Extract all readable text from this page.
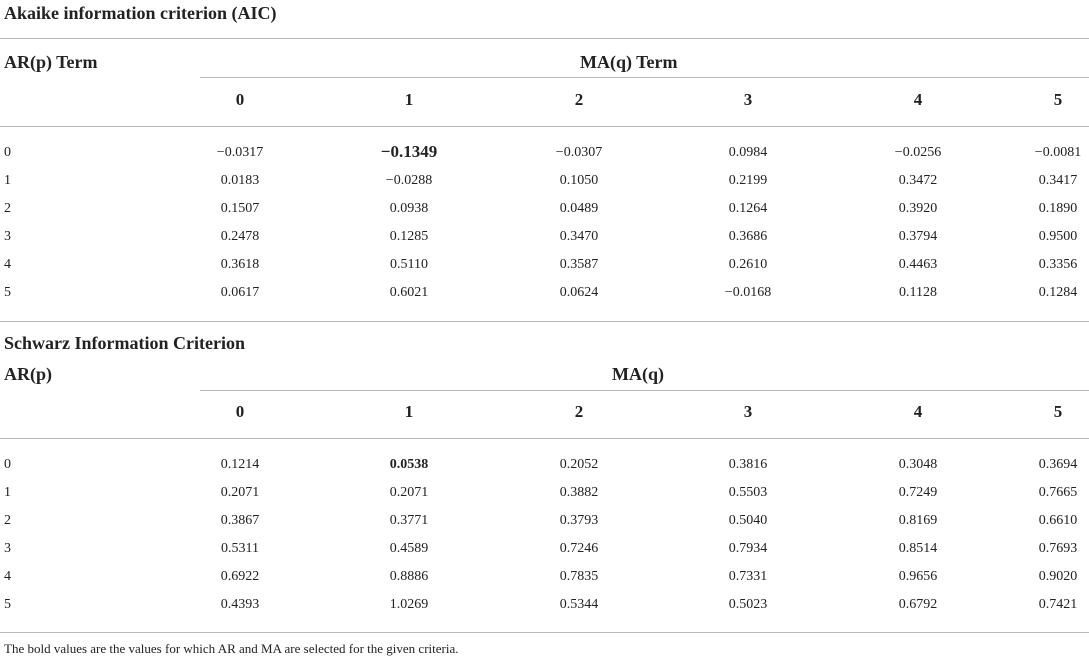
Akaike information criterion (AIC)
AR(p) Term	MA(q) Term
0	1	2	3	4	5
0	−0.0317	−0.1349	−0.0307	0.0984	−0.0256	−0.0081
1	0.0183	−0.0288	0.1050	0.2199	0.3472	0.3417
2	0.1507	0.0938	0.0489	0.1264	0.3920	0.1890
3	0.2478	0.1285	0.3470	0.3686	0.3794	0.9500
4	0.3618	0.5110	0.3587	0.2610	0.4463	0.3356
5	0.0617	0.6021	0.0624	−0.0168	0.1128	0.1284
Schwarz Information Criterion
AR(p)	MA(q)
0	1	2	3	4	5
0	0.1214	0.0538	0.2052	0.3816	0.3048	0.3694
1	0.2071	0.2071	0.3882	0.5503	0.7249	0.7665
2	0.3867	0.3771	0.3793	0.5040	0.8169	0.6610
3	0.5311	0.4589	0.7246	0.7934	0.8514	0.7693
4	0.6922	0.8886	0.7835	0.7331	0.9656	0.9020
5	0.4393	1.0269	0.5344	0.5023	0.6792	0.7421
The bold values are the values for which AR and MA are selected for the given criteria.
